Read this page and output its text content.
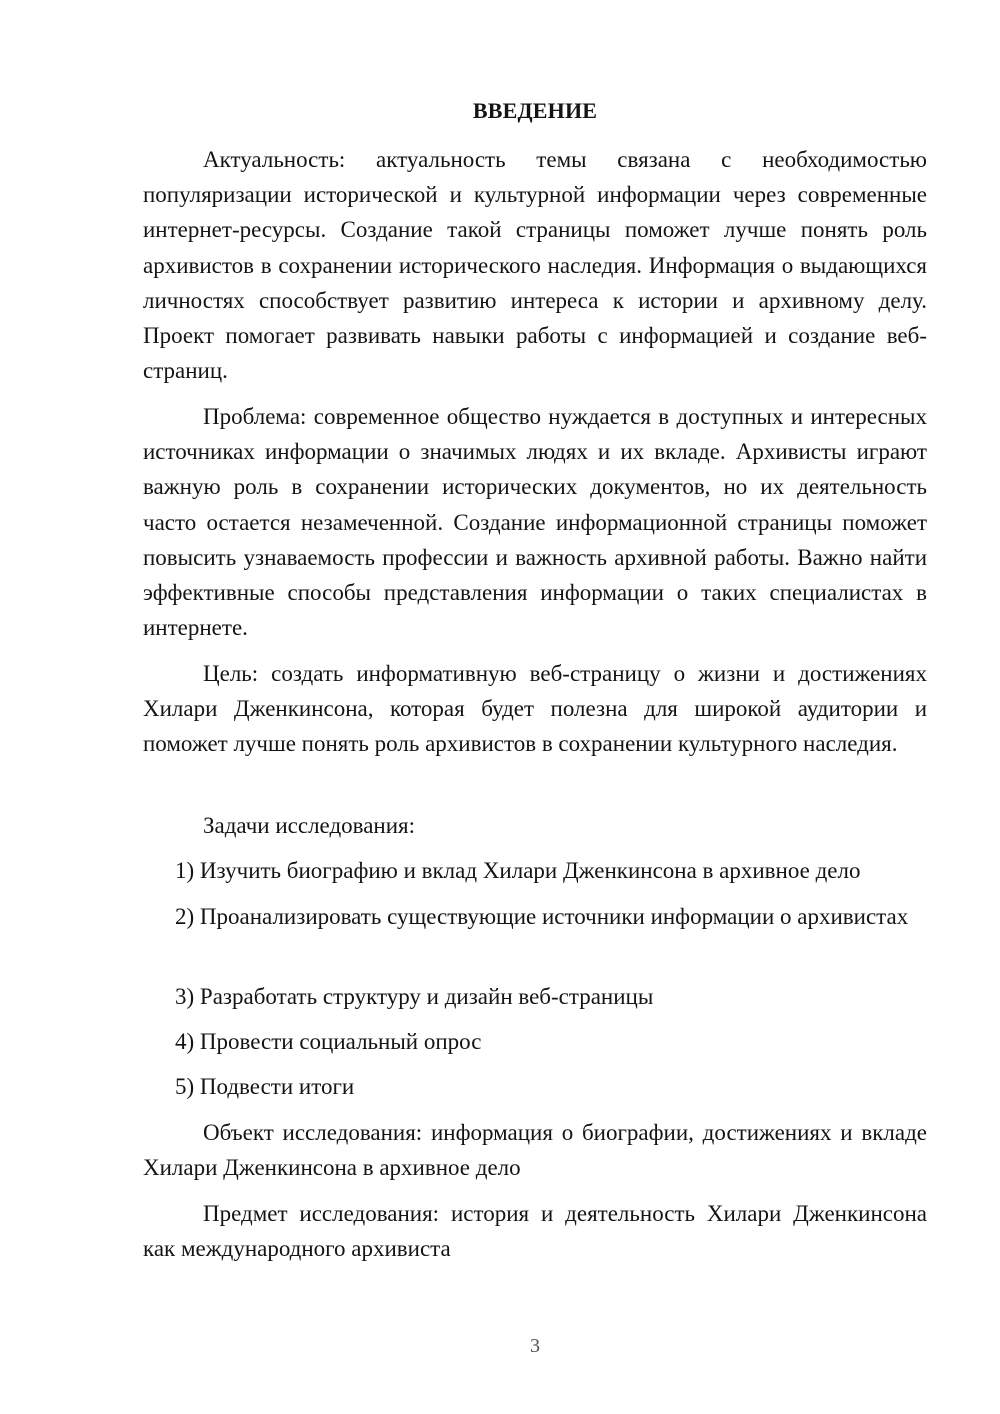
ВВЕДЕНИЕ

Актуальность: актуальность темы связана с необходимостью популяризации исторической и культурной информации через современные интернет-ресурсы. Создание такой страницы поможет лучше понять роль архивистов в сохранении исторического наследия. Информация о выдающихся личностях способствует развитию интереса к истории и архивному делу. Проект помогает развивать навыки работы с информацией и создание веб-страниц.

Проблема: современное общество нуждается в доступных и интересных источниках информации о значимых людях и их вкладе. Архивисты играют важную роль в сохранении исторических документов, но их деятельность часто остается незамеченной. Создание информационной страницы поможет повысить узнаваемость профессии и важность архивной работы. Важно найти эффективные способы представления информации о таких специалистах в интернете.

Цель: создать информативную веб-страницу о жизни и достижениях Хилари Дженкинсона, которая будет полезна для широкой аудитории и поможет лучше понять роль архивистов в сохранении культурного наследия.

Задачи исследования:

1) Изучить биографию и вклад Хилари Дженкинсона в архивное дело

2) Проанализировать существующие источники информации о архивистах

3) Разработать структуру и дизайн веб-страницы

4) Провести социальный опрос

5) Подвести итоги

Объект исследования: информация о биографии, достижениях и вкладе Хилари Дженкинсона в архивное дело

Предмет исследования: история и деятельность Хилари Дженкинсона как международного архивиста

3
